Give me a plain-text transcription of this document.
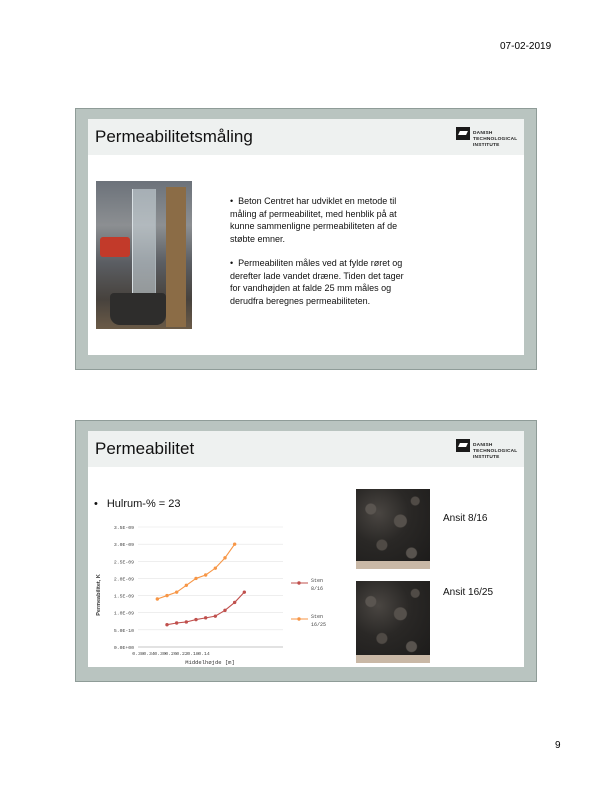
07-02-2019
Permeabilitetsmåling	DANISH
TECHNOLOGICAL
INSTITUTE

• Beton Centret har udviklet en metode til måling af permeabilitet, med henblik på at kunne sammenligne permeabiliteten af de støbte emner.

• Permeabiliten måles ved at fylde røret og derefter lade vandet dræne. Tiden det tager for vandhøjden at falde 25 mm måles og derudfra beregnes permeabiliteten.

Permeabilitet	DANISH
TECHNOLOGICAL
INSTITUTE
• Hulrum-% = 23
0.0E+00
5.0E-10
1.0E-09
1.5E-09
2.0E-09
2.5E-09
3.0E-09
3.5E-09
0.38 0.34 0.30 0.26 0.22 0.18 0.14
Middelhøjde [m]
Permeabilitet, K	Sten
8/16
Sten
16/25
Ansit 8/16
Ansit 16/25
9
